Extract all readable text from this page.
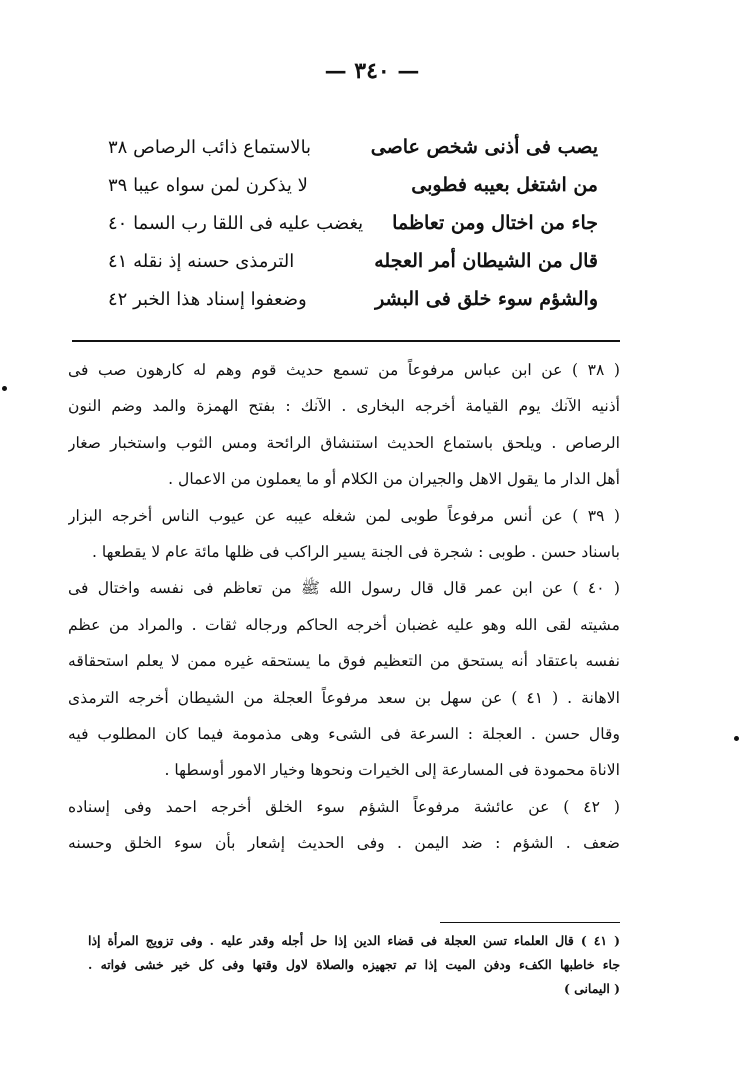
— ٣٤٠ —
يصب فى أذنى شخص عاصى
بالاستماع ذائب الرصاص ٣٨
من اشتغل بعيبه فطوبى
لا يذكرن لمن سواه عيبا ٣٩
جاء من اختال ومن تعاظما
يغضب عليه فى اللقا رب السما ٤٠
قال من الشيطان أمر العجله
الترمذى حسنه إذ نقله ٤١
والشؤم سوء خلق فى البشر
وضعفوا إسناد هذا الخبر ٤٢
( ٣٨ ) عن ابن عباس مرفوعاً من تسمع حديث قوم وهم له كارهون صب فى
أذنيه الآنك يوم القيامة أخرجه البخارى . الآنك : بفتح الهمزة والمد وضم النون
الرصاص . ويلحق باستماع الحديث استنشاق الرائحة ومس الثوب واستخبار صغار
أهل الدار ما يقول الاهل والجيران من الكلام أو ما يعملون من الاعمال .
( ٣٩ ) عن أنس مرفوعاً طوبى لمن شغله عيبه عن عيوب الناس أخرجه البزار
باسناد حسن . طوبى : شجرة فى الجنة يسير الراكب فى ظلها مائة عام لا يقطعها .
( ٤٠ ) عن ابن عمر قال قال رسول الله ﷺ من تعاظم فى نفسه واختال فى
مشيته لقى الله وهو عليه غضبان أخرجه الحاكم ورجاله ثقات . والمراد من عظم
نفسه باعتقاد أنه يستحق من التعظيم فوق ما يستحقه غيره ممن لا يعلم استحقاقه
الاهانة . ( ٤١ ) عن سهل بن سعد مرفوعاً العجلة من الشيطان أخرجه الترمذى
وقال حسن . العجلة : السرعة فى الشىء وهى مذمومة فيما كان المطلوب فيه
الاناة محمودة فى المسارعة إلى الخيرات ونحوها وخيار الامور أوسطها .
( ٤٢ ) عن عائشة مرفوعاً الشؤم سوء الخلق أخرجه احمد وفى إسناده
ضعف . الشؤم : ضد اليمن . وفى الحديث إشعار بأن سوء الخلق وحسنه
( ٤١ ) قال العلماء تسن العجلة فى قضاء الدين إذا حل أجله وقدر عليه . وفى تزويج المرأة إذا
جاء خاطبها الكفء ودفن الميت إذا تم تجهيزه والصلاة لاول وقتها وفى كل خير خشى فواته .
( اليمانى )
